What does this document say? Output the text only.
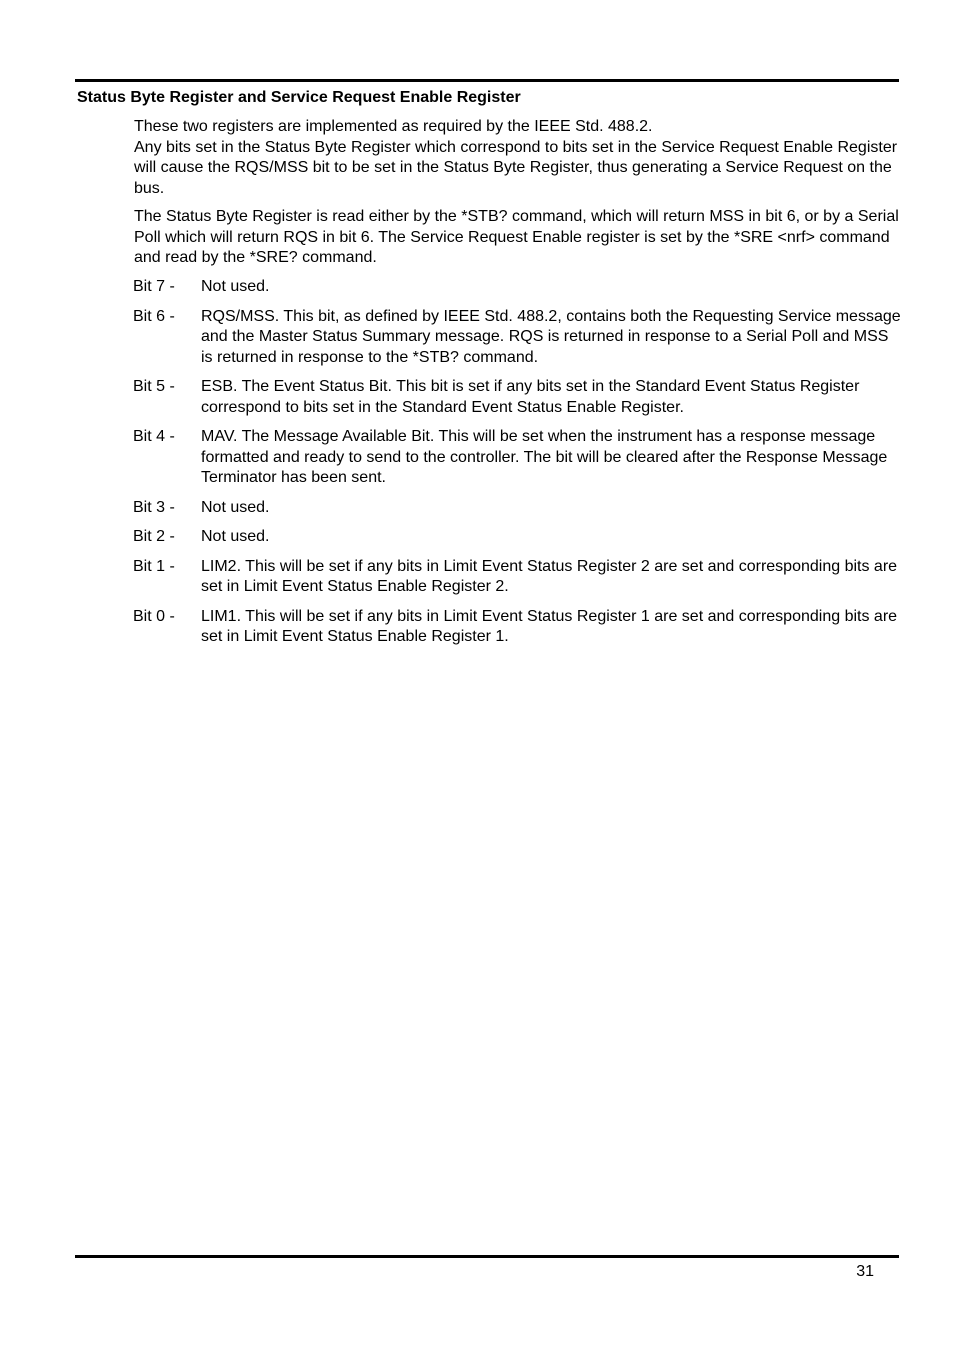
Status Byte Register and Service Request Enable Register
These two registers are implemented as required by the IEEE Std. 488.2.
Any bits set in the Status Byte Register which correspond to bits set in the Service Request Enable Register will cause the RQS/MSS bit to be set in the Status Byte Register, thus generating a Service Request on the bus.

The Status Byte Register is read either by the *STB? command, which will return MSS in bit 6, or by a Serial Poll which will return RQS in bit 6. The Service Request Enable register is set by the *SRE <nrf> command and read by the *SRE? command.

Bit 7 -	Not used.
Bit 6 -	RQS/MSS. This bit, as defined by IEEE Std. 488.2, contains both the Requesting Service message and the Master Status Summary message. RQS is returned in response to a Serial Poll and MSS is returned in response to the *STB? command.
Bit 5 -	ESB. The Event Status Bit. This bit is set if any bits set in the Standard Event Status Register correspond to bits set in the Standard Event Status Enable Register.
Bit 4 -	MAV. The Message Available Bit. This will be set when the instrument has a response message formatted and ready to send to the controller. The bit will be cleared after the Response Message Terminator has been sent.
Bit 3 -	Not used.
Bit 2 -	Not used.
Bit 1 -	LIM2. This will be set if any bits in Limit Event Status Register 2 are set and corresponding bits are set in Limit Event Status Enable Register 2.
Bit 0 -	LIM1. This will be set if any bits in Limit Event Status Register 1 are set and corresponding bits are set in Limit Event Status Enable Register 1.
31
